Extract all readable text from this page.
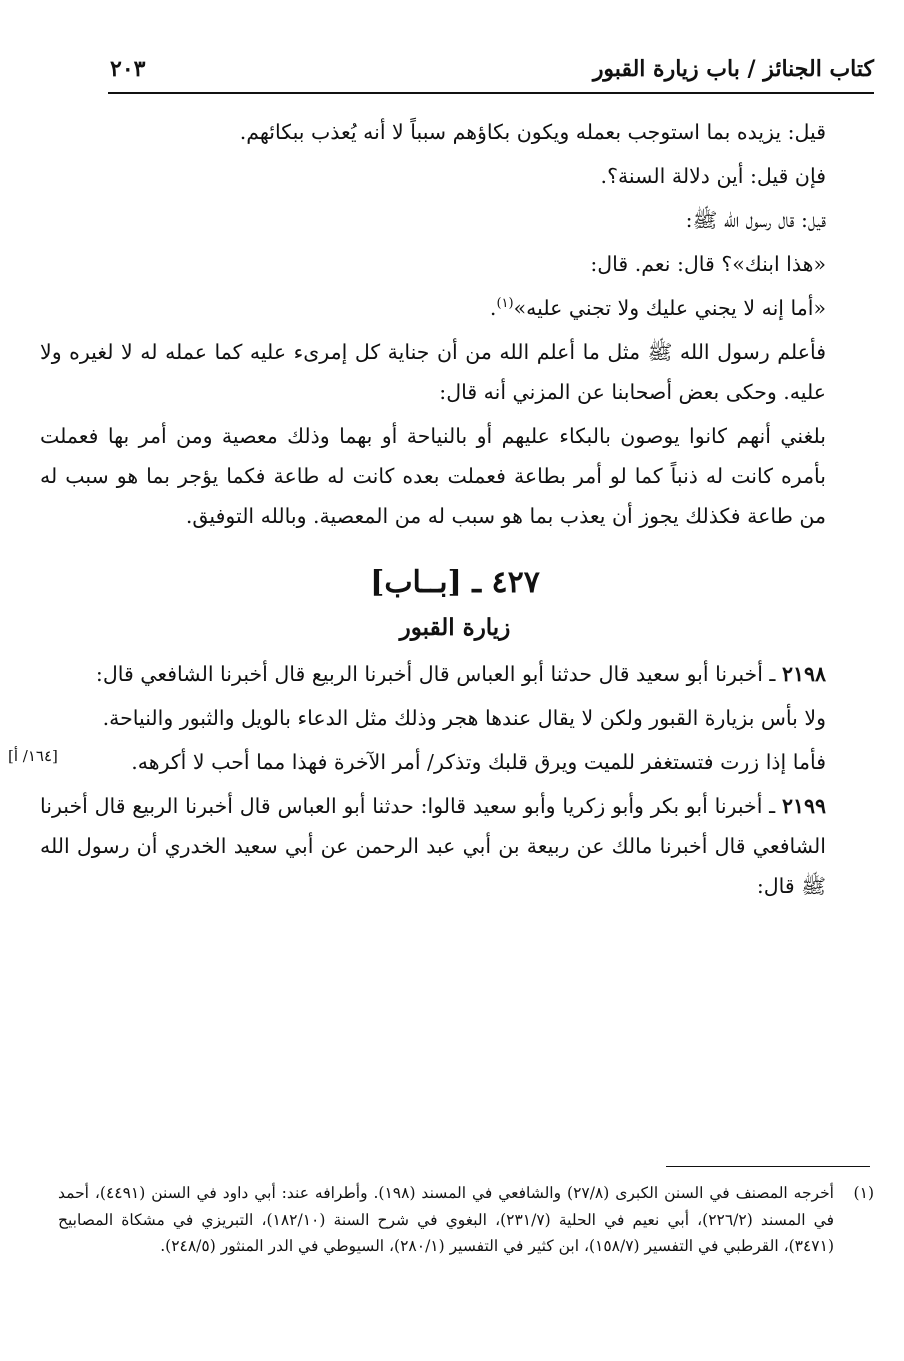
كتاب الجنائز / باب زيارة القبور
٢٠٣

قيل: يزيده بما استوجب بعمله ويكون بكاؤهم سبباً لا أنه يُعذب ببكائهم.

فإن قيل: أين دلالة السنة؟.

قيل: قال رسول الله ﷺ:

«هذا ابنك»؟ قال: نعم. قال:

«أما إنه لا يجني عليك ولا تجني عليه»$^{(١)}$.

فأعلم رسول الله ﷺ مثل ما أعلم الله من أن جناية كل إمرىء عليه كما عمله له لا لغيره ولا عليه. وحكى بعض أصحابنا عن المزني أنه قال:

بلغني أنهم كانوا يوصون بالبكاء عليهم أو بالنياحة أو بهما وذلك معصية ومن أمر بها فعملت بأمره كانت له ذنباً كما لو أمر بطاعة فعملت بعده كانت له طاعة فكما يؤجر بما هو سبب له من طاعة فكذلك يجوز أن يعذب بما هو سبب له من المعصية. وبالله التوفيق.

٤٢٧ ـ [بــاب]
زيارة القبور

٢١٩٨ ـ أخبرنا أبو سعيد قال حدثنا أبو العباس قال أخبرنا الربيع قال أخبرنا الشافعي قال:

ولا بأس بزيارة القبور ولكن لا يقال عندها هجر وذلك مثل الدعاء بالويل والثبور والنياحة.

فأما إذا زرت فتستغفر للميت ويرق قلبك وتذكر/ أمر الآخرة فهذا مما أحب لا أكرهه.
[١٦٤/ أ]

٢١٩٩ ـ أخبرنا أبو بكر وأبو زكريا وأبو سعيد قالوا: حدثنا أبو العباس قال أخبرنا الربيع قال أخبرنا الشافعي قال أخبرنا مالك عن ربيعة بن أبي عبد الرحمن عن أبي سعيد الخدري أن رسول الله ﷺ قال:

(١)
أخرجه المصنف في السنن الكبرى (٢٧/٨) والشافعي في المسند (١٩٨). وأطرافه عند: أبي داود في السنن (٤٤٩١)، أحمد في المسند (٢٢٦/٢)، أبي نعيم في الحلية (٢٣١/٧)، البغوي في شرح السنة (١٨٢/١٠)، التبريزي في مشكاة المصابيح (٣٤٧١)، القرطبي في التفسير (١٥٨/٧)، ابن كثير في التفسير (٢٨٠/١)، السيوطي في الدر المنثور (٢٤٨/٥).
